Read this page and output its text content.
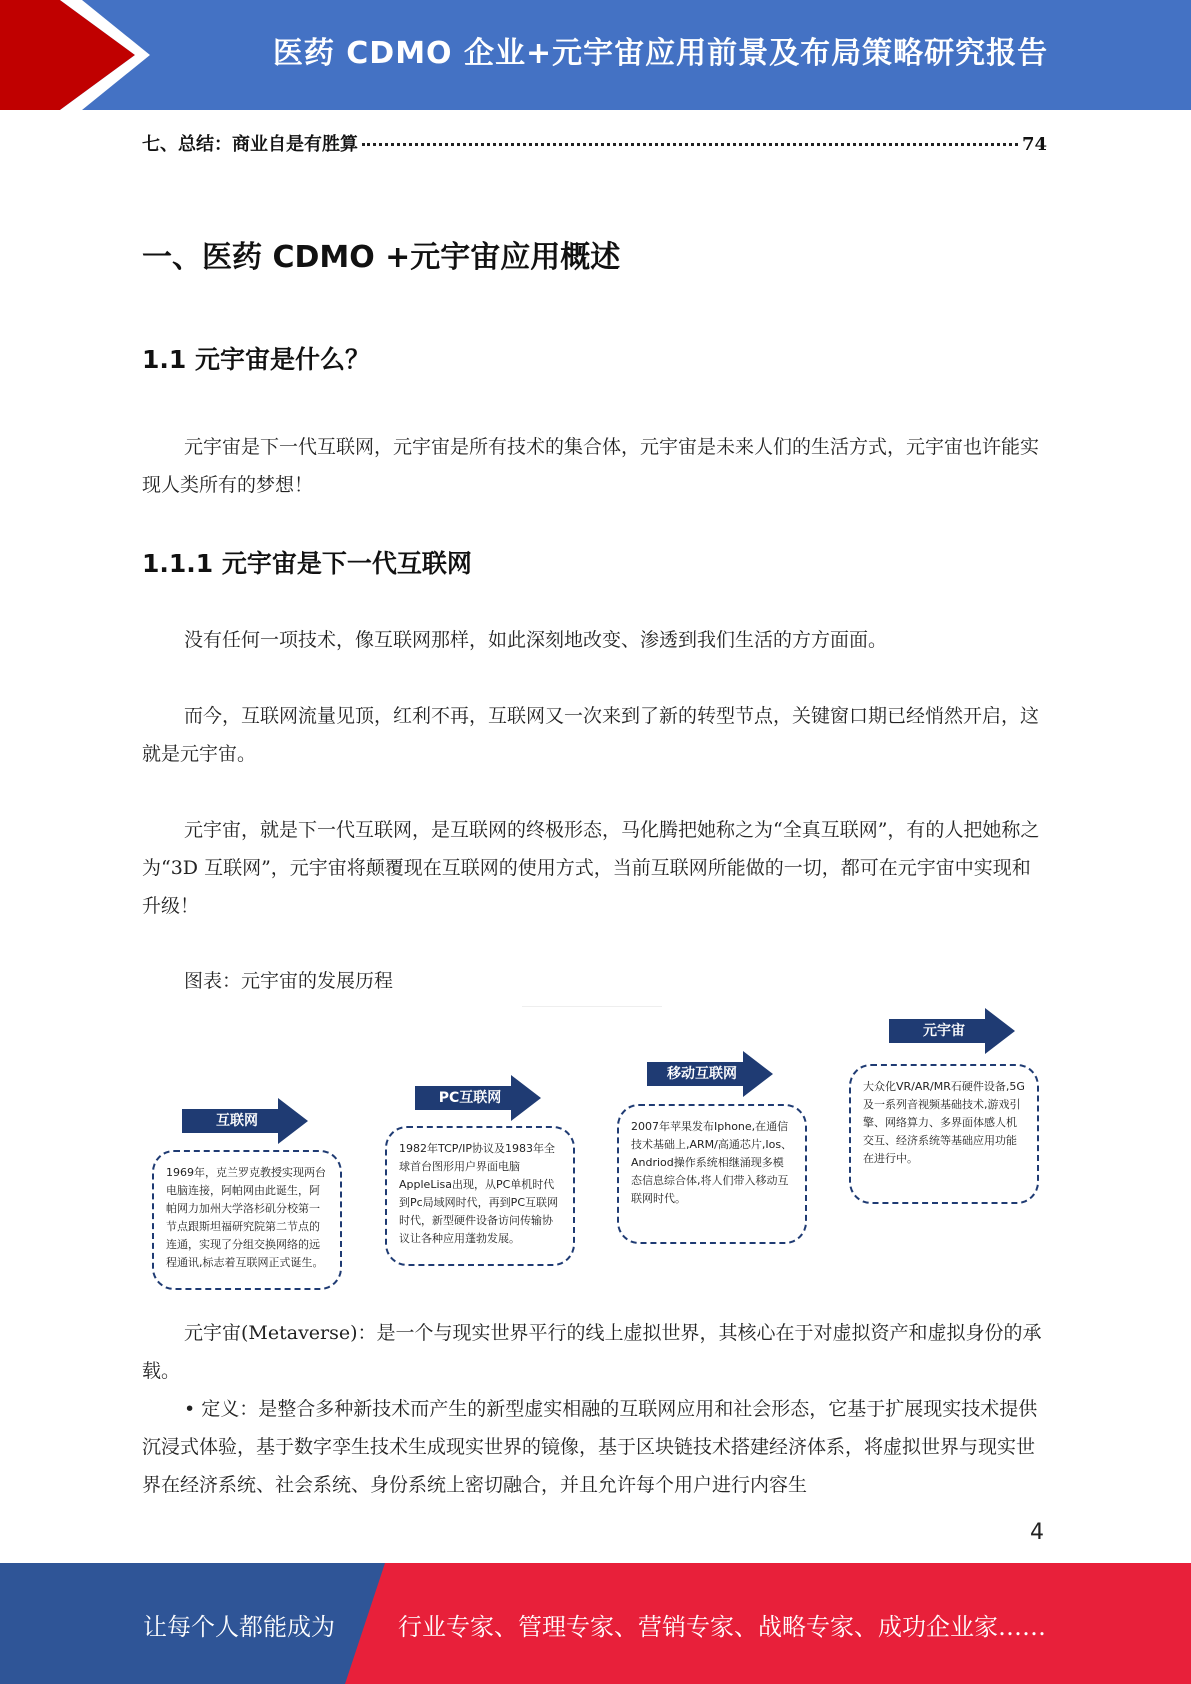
医药 CDMO 企业+元宇宙应用前景及布局策略研究报告
七、总结：商业自是有胜算	74
一、医药 CDMO +元宇宙应用概述
1.1 元宇宙是什么？

元宇宙是下一代互联网，元宇宙是所有技术的集合体，元宇宙是未来人们的生活方式，元宇宙也许能实现人类所有的梦想！

1.1.1 元宇宙是下一代互联网

没有任何一项技术，像互联网那样，如此深刻地改变、渗透到我们生活的方方面面。

而今，互联网流量见顶，红利不再，互联网又一次来到了新的转型节点，关键窗口期已经悄然开启，这就是元宇宙。

元宇宙，就是下一代互联网，是互联网的终极形态，马化腾把她称之为“全真互联网”，有的人把她称之为“3D 互联网”，元宇宙将颠覆现在互联网的使用方式，当前互联网所能做的一切，都可在元宇宙中实现和升级！

图表：元宇宙的发展历程
互联网
1969年，克兰罗克教授实现两台电脑连接，阿帕网由此诞生，阿帕网力加州大学洛杉矶分校第一节点跟斯坦福研究院第二节点的连通，实现了分组交换网络的远程通讯,标志着互联网正式诞生。
PC互联网
1982年TCP/IP协议及1983年全球首台图形用户界面电脑AppleLisa出现，从PC单机时代到Pc局域网时代，再到PC互联网时代，新型硬件设备访问传输协议让各种应用蓬勃发展。
移动互联网
2007年苹果发布Iphone,在通信技术基础上,ARM/高通芯片,Ios、Andriod操作系统相继涌现多模态信息综合体,将人们带入移动互联网时代。
元宇宙
大众化VR/AR/MR石硬件设备,5G及一系列音视频基础技术,游戏引擎、网络算力、多界面体感人机交互、经济系统等基础应用功能在进行中。

元宇宙(Metaverse)：是一个与现实世界平行的线上虚拟世界，其核心在于对虚拟资产和虚拟身份的承载。

• 定义：是整合多种新技术而产生的新型虚实相融的互联网应用和社会形态，它基于扩展现实技术提供沉浸式体验，基于数字孪生技术生成现实世界的镜像，基于区块链技术搭建经济体系，将虚拟世界与现实世界在经济系统、社会系统、身份系统上密切融合，并且允许每个用户进行内容生

4
让每个人都能成为	行业专家、管理专家、营销专家、战略专家、成功企业家……
